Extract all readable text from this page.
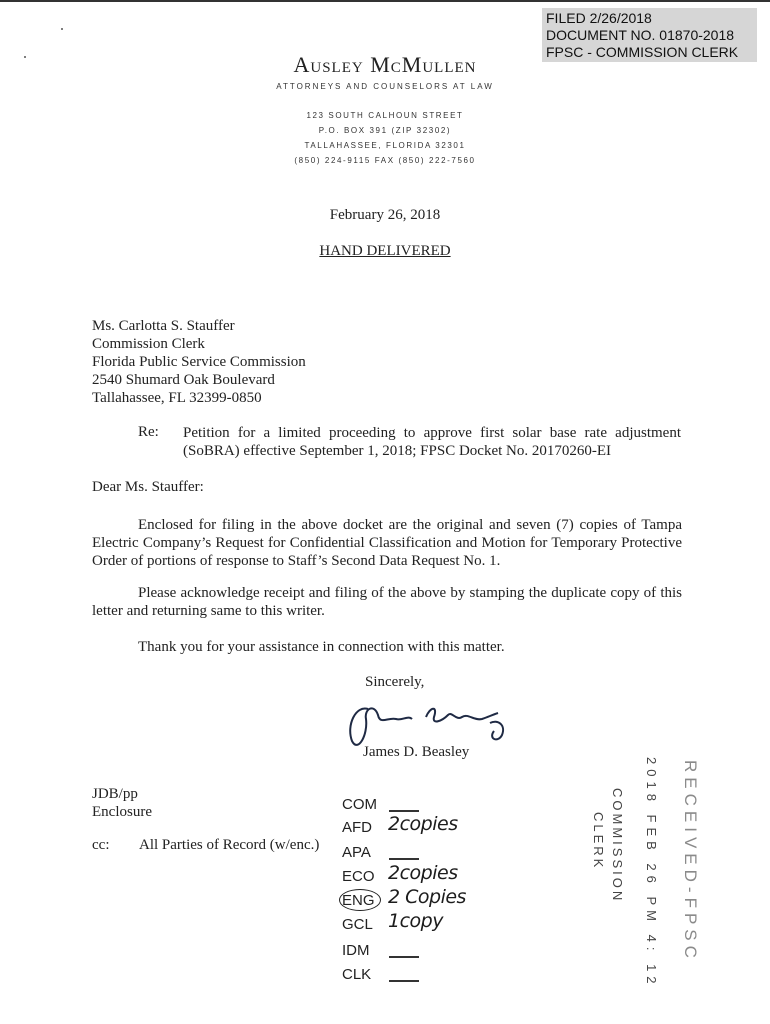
FILED 2/26/2018
DOCUMENT NO. 01870-2018
FPSC - COMMISSION CLERK
Ausley McMullen
ATTORNEYS AND COUNSELORS AT LAW
123 SOUTH CALHOUN STREET
P.O. BOX 391 (ZIP 32302)
TALLAHASSEE, FLORIDA 32301
(850) 224-9115 FAX (850) 222-7560
February 26, 2018
HAND DELIVERED
Ms. Carlotta S. Stauffer
Commission Clerk
Florida Public Service Commission
2540 Shumard Oak Boulevard
Tallahassee, FL 32399-0850
Re: Petition for a limited proceeding to approve first solar base rate adjustment (SoBRA) effective September 1, 2018; FPSC Docket No. 20170260-EI
Dear Ms. Stauffer:
Enclosed for filing in the above docket are the original and seven (7) copies of Tampa Electric Company’s Request for Confidential Classification and Motion for Temporary Protective Order of portions of response to Staff’s Second Data Request No. 1.
Please acknowledge receipt and filing of the above by stamping the duplicate copy of this letter and returning same to this writer.
Thank you for your assistance in connection with this matter.
Sincerely,
James D. Beasley
JDB/pp
Enclosure
cc: All Parties of Record (w/enc.)
COM
AFD 2copies
APA
ECO 2copies
ENG 2 Copies
GCL 1copy
IDM
CLK
RECEIVED-FPSC
2018 FEB 26 PM 4: 12
COMMISSION
CLERK
